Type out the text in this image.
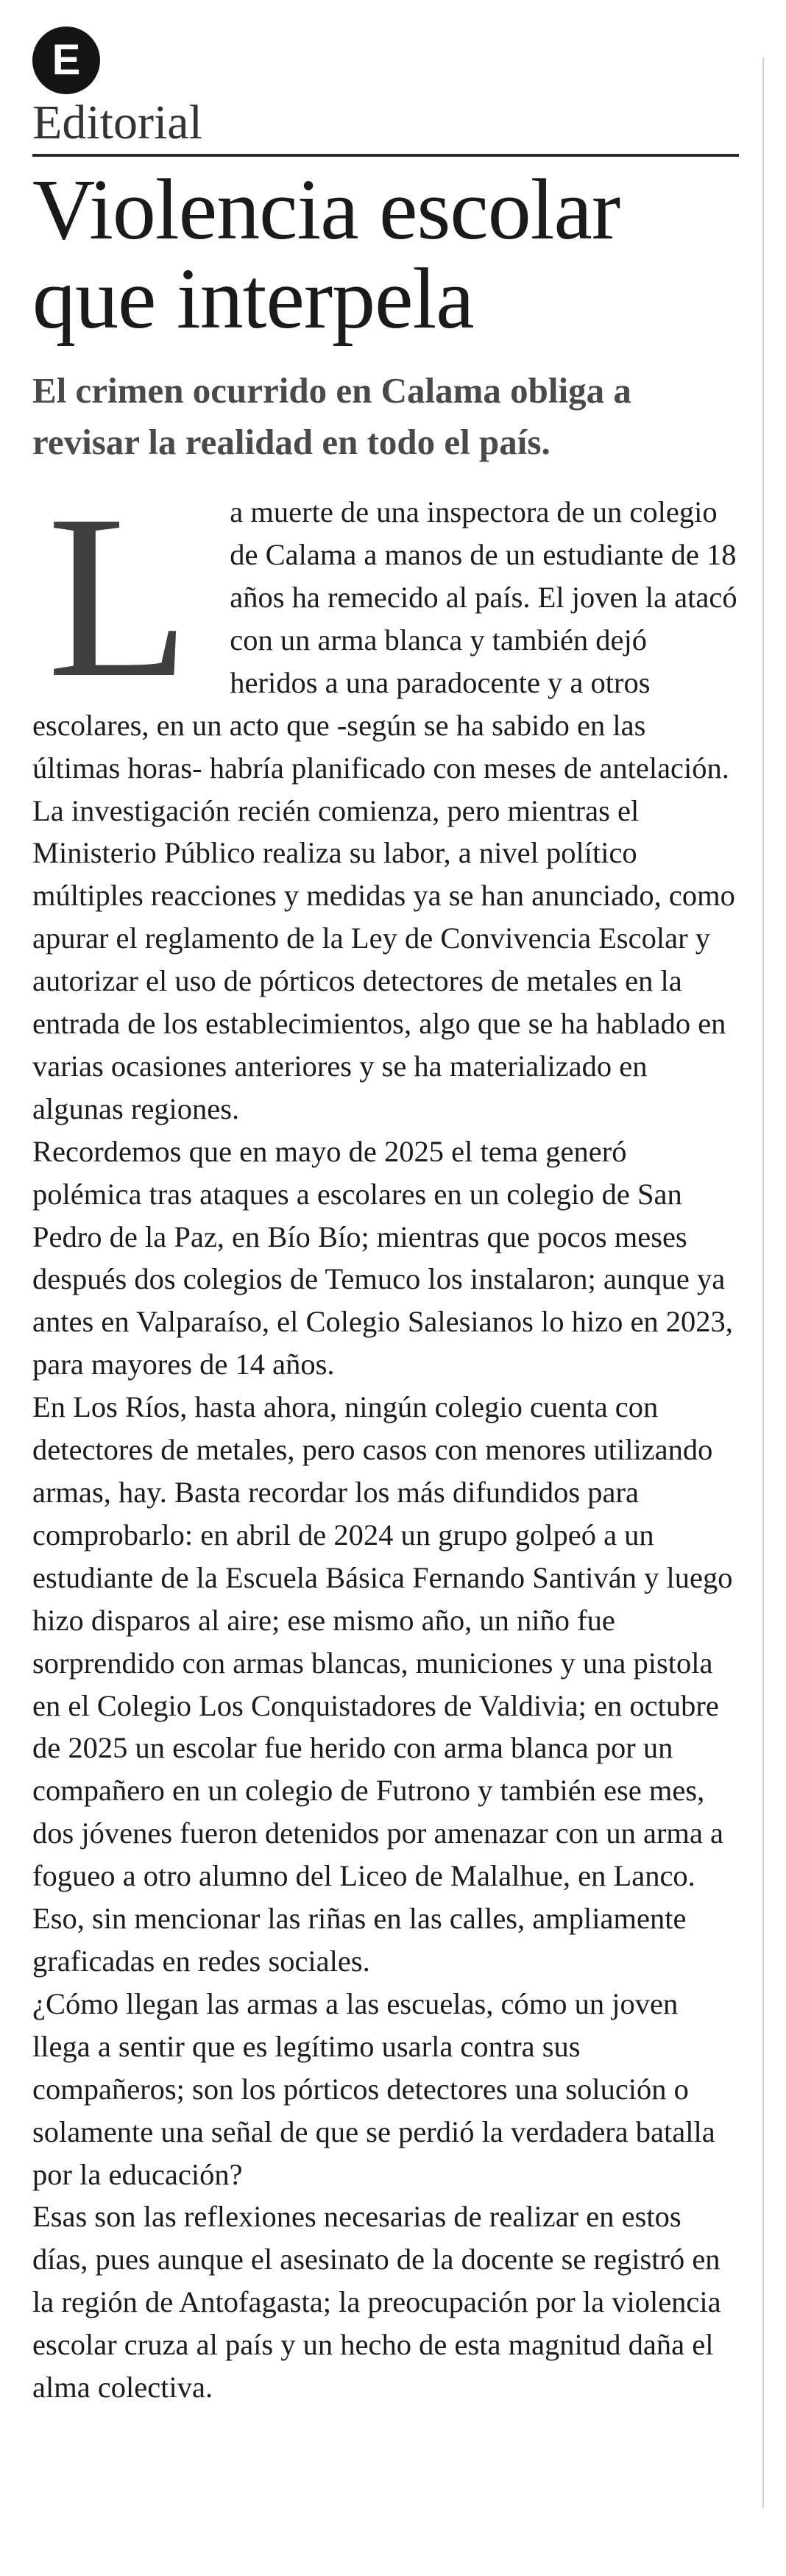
E
Editorial
Violencia escolar que interpela
El crimen ocurrido en Calama obliga a revisar la realidad en todo el país.

L a muerte de una inspectora de un colegio de Calama a manos de un estudiante de 18 años ha remecido al país. El joven la atacó con un arma blanca y también dejó heridos a una paradocente y a otros escolares, en un acto que -según se ha sabido en las últimas horas- habría planificado con meses de antelación.

La investigación recién comienza, pero mientras el Ministerio Público realiza su labor, a nivel político múltiples reacciones y medidas ya se han anunciado, como apurar el reglamento de la Ley de Convivencia Escolar y autorizar el uso de pórticos detectores de metales en la entrada de los establecimientos, algo que se ha hablado en varias ocasiones anteriores y se ha materializado en algunas regiones.

Recordemos que en mayo de 2025 el tema generó polémica tras ataques a escolares en un colegio de San Pedro de la Paz, en Bío Bío; mientras que pocos meses después dos colegios de Temuco los instalaron; aunque ya antes en Valparaíso, el Colegio Salesianos lo hizo en 2023, para mayores de 14 años.

En Los Ríos, hasta ahora, ningún colegio cuenta con detectores de metales, pero casos con menores utilizando armas, hay. Basta recordar los más difundidos para comprobarlo: en abril de 2024 un grupo golpeó a un estudiante de la Escuela Básica Fernando Santiván y luego hizo disparos al aire; ese mismo año, un niño fue sorprendido con armas blancas, municiones y una pistola en el Colegio Los Conquistadores de Valdivia; en octubre de 2025 un escolar fue herido con arma blanca por un compañero en un colegio de Futrono y también ese mes, dos jóvenes fueron detenidos por amenazar con un arma a fogueo a otro alumno del Liceo de Malalhue, en Lanco. Eso, sin mencionar las riñas en las calles, ampliamente graficadas en redes sociales.

¿Cómo llegan las armas a las escuelas, cómo un joven llega a sentir que es legítimo usarla contra sus compañeros; son los pórticos detectores una solución o solamente una señal de que se perdió la verdadera batalla por la educación?

Esas son las reflexiones necesarias de realizar en estos días, pues aunque el asesinato de la docente se registró en la región de Antofagasta; la preocupación por la violencia escolar cruza al país y un hecho de esta magnitud daña el alma colectiva.
